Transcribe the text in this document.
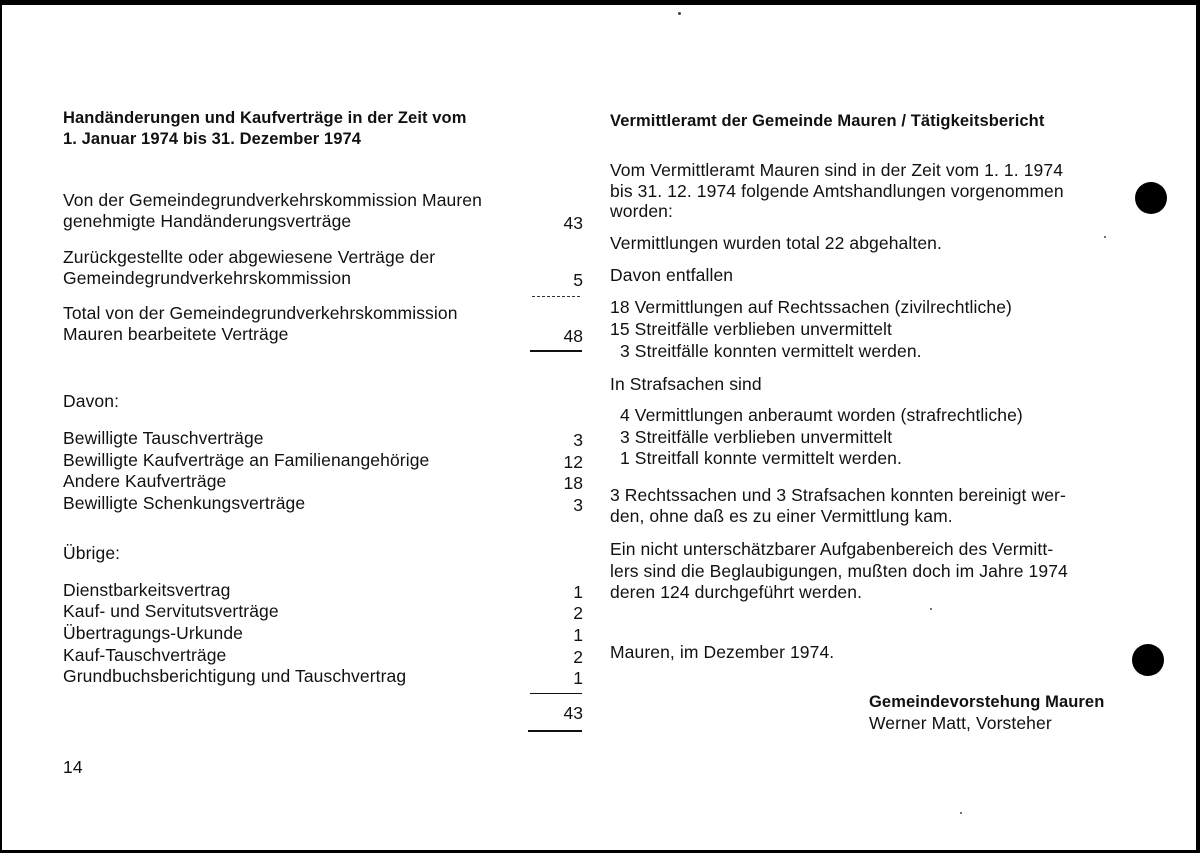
Handänderungen und Kaufverträge in der Zeit vom
1. Januar 1974 bis 31. Dezember 1974
Von der Gemeindegrundverkehrskommission Mauren
genehmigte Handänderungsverträge	43
Zurückgestellte oder abgewiesene Verträge der
Gemeindegrundverkehrskommission	5
Total von der Gemeindegrundverkehrskommission
Mauren bearbeitete Verträge	48
Davon:
Bewilligte Tauschverträge	3
Bewilligte Kaufverträge an Familienangehörige	12
Andere Kaufverträge	18
Bewilligte Schenkungsverträge	3
Übrige:
Dienstbarkeitsvertrag	1
Kauf- und Servitutsverträge	2
Übertragungs-Urkunde	1
Kauf-Tauschverträge	2
Grundbuchsberichtigung und Tauschvertrag	1
43
14
Vermittleramt der Gemeinde Mauren / Tätigkeitsbericht
Vom Vermittleramt Mauren sind in der Zeit vom 1. 1. 1974
bis 31. 12. 1974 folgende Amtshandlungen vorgenommen
worden:
Vermittlungen wurden total 22 abgehalten.
Davon entfallen
18 Vermittlungen auf Rechtssachen (zivilrechtliche)
15 Streitfälle verblieben unvermittelt
3 Streitfälle konnten vermittelt werden.
In Strafsachen sind
4 Vermittlungen anberaumt worden (strafrechtliche)
3 Streitfälle verblieben unvermittelt
1 Streitfall konnte vermittelt werden.
3 Rechtssachen und 3 Strafsachen konnten bereinigt wer-
den, ohne daß es zu einer Vermittlung kam.
Ein nicht unterschätzbarer Aufgabenbereich des Vermitt-
lers sind die Beglaubigungen, mußten doch im Jahre 1974
deren 124 durchgeführt werden.
Mauren, im Dezember 1974.
Gemeindevorstehung Mauren
Werner Matt, Vorsteher
